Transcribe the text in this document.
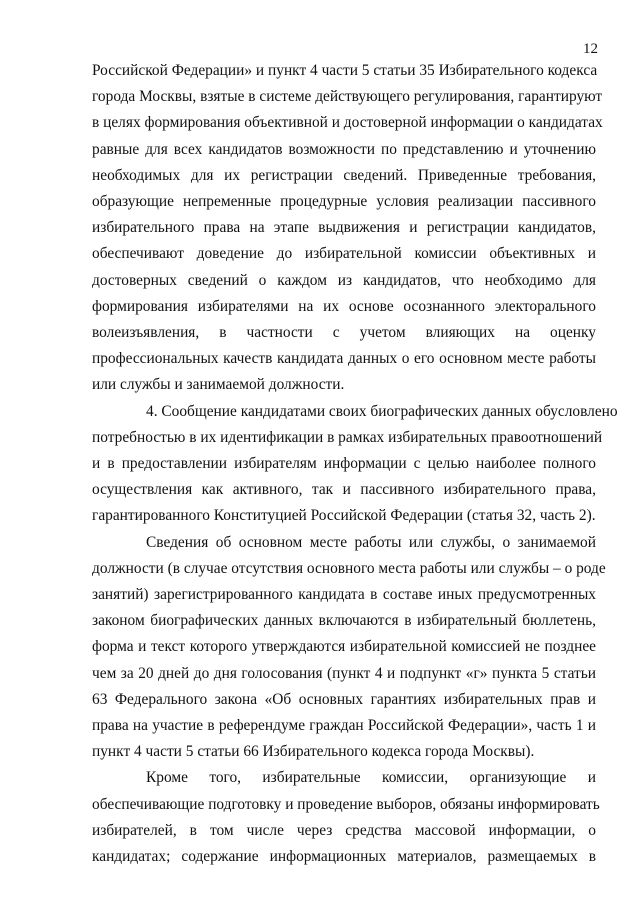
12
Российской Федерации» и пункт 4 части 5 статьи 35 Избирательного кодекса
города Москвы, взятые в системе действующего регулирования, гарантируют
в целях формирования объективной и достоверной информации о кандидатах
равные для всех кандидатов возможности по представлению и уточнению
необходимых для их регистрации сведений. Приведенные требования,
образующие непременные процедурные условия реализации пассивного
избирательного права на этапе выдвижения и регистрации кандидатов,
обеспечивают доведение до избирательной комиссии объективных и
достоверных сведений о каждом из кандидатов, что необходимо для
формирования избирателями на их основе осознанного электорального
волеизъявления, в частности с учетом влияющих на оценку
профессиональных качеств кандидата данных о его основном месте работы
или службы и занимаемой должности.
4. Сообщение кандидатами своих биографических данных обусловлено
потребностью в их идентификации в рамках избирательных правоотношений
и в предоставлении избирателям информации с целью наиболее полного
осуществления как активного, так и пассивного избирательного права,
гарантированного Конституцией Российской Федерации (статья 32, часть 2).
Сведения об основном месте работы или службы, о занимаемой
должности (в случае отсутствия основного места работы или службы – о роде
занятий) зарегистрированного кандидата в составе иных предусмотренных
законом биографических данных включаются в избирательный бюллетень,
форма и текст которого утверждаются избирательной комиссией не позднее
чем за 20 дней до дня голосования (пункт 4 и подпункт «г» пункта 5 статьи
63 Федерального закона «Об основных гарантиях избирательных прав и
права на участие в референдуме граждан Российской Федерации», часть 1 и
пункт 4 части 5 статьи 66 Избирательного кодекса города Москвы).
Кроме того, избирательные комиссии, организующие и
обеспечивающие подготовку и проведение выборов, обязаны информировать
избирателей, в том числе через средства массовой информации, о
кандидатах; содержание информационных материалов, размещаемых в
